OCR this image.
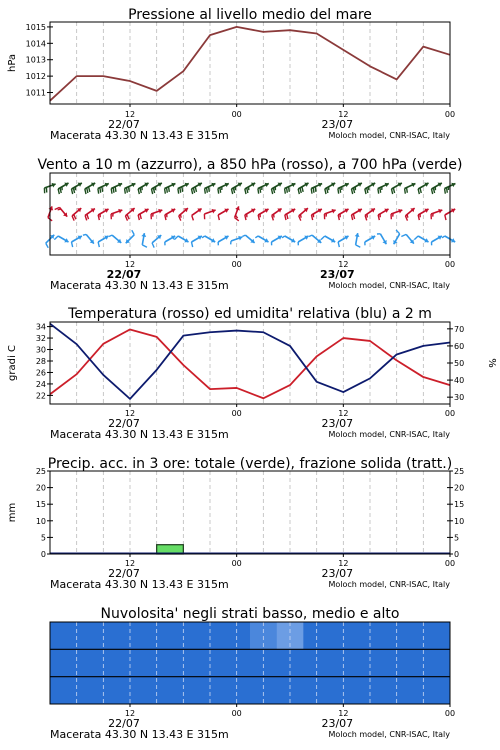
Pressione al livello medio del mare
1011
1012
1013
1014
1015
hPa
12	00	12	00
22/07	23/07
Macerata 43.30 N 13.43 E 315m	Moloch model, CNR-ISAC, Italy
Vento a 10 m (azzurro), a 850 hPa (rosso), a 700 hPa (verde)
12	00	12	00
22/07	23/07
Macerata 43.30 N 13.43 E 315m	Moloch model, CNR-ISAC, Italy
Temperatura (rosso) ed umidita' relativa (blu) a 2 m
22
24
26
28
30
32
34
30
40
50
60
70
gradi C	%
12	00	12	00
22/07	23/07
Macerata 43.30 N 13.43 E 315m	Moloch model, CNR-ISAC, Italy
Precip. acc. in 3 ore: totale (verde), frazione solida (tratt.)
0
5
10
15
20
25
0
5
10
15
20
25
mm
12	00	12	00
22/07	23/07
Macerata 43.30 N 13.43 E 315m	Moloch model, CNR-ISAC, Italy
Nuvolosita' negli strati basso, medio e alto
12	00	12	00
22/07	23/07
Macerata 43.30 N 13.43 E 315m	Moloch model, CNR-ISAC, Italy
